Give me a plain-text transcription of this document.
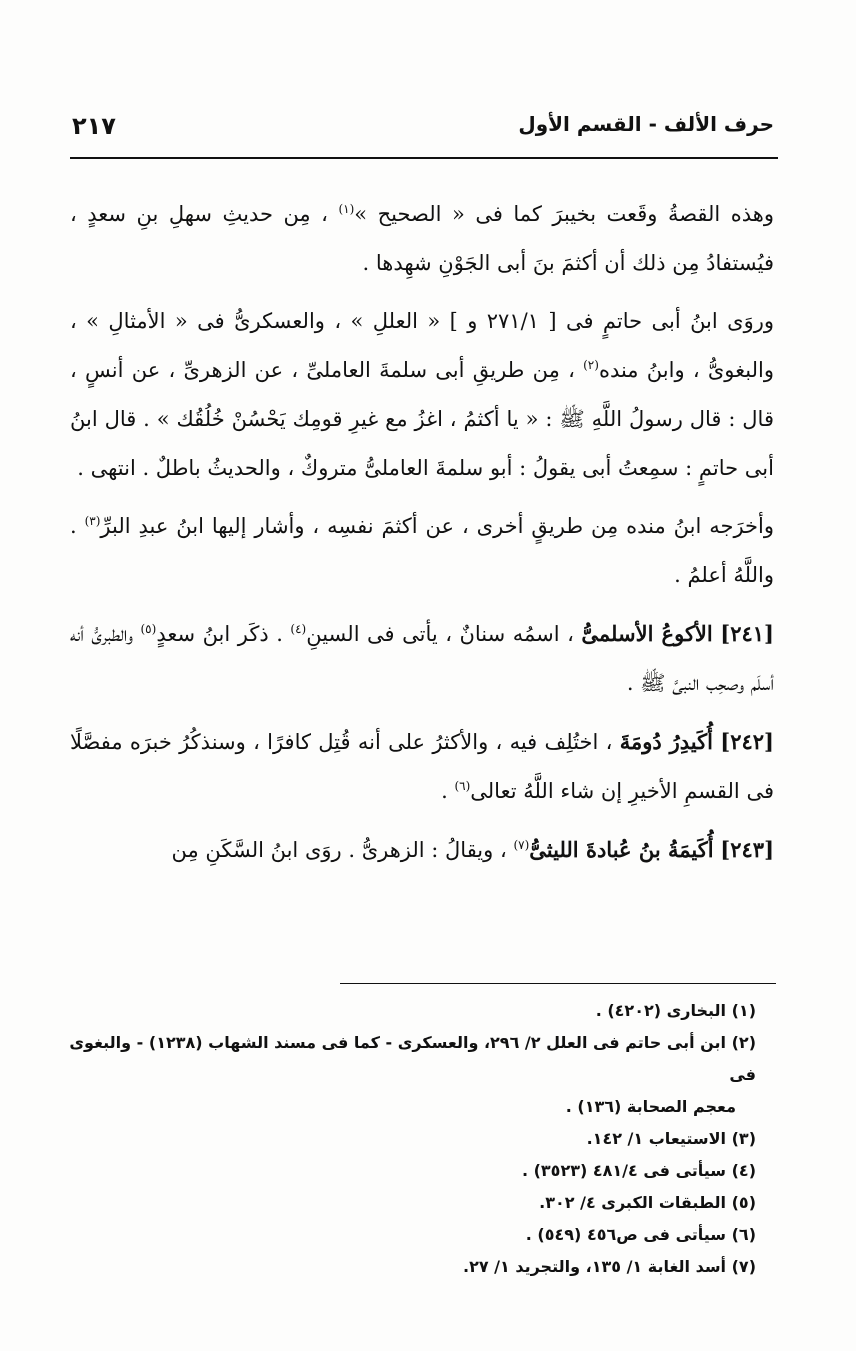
٢١٧	حرف الألف - القسم الأول

وهذه القصةُ وقَعت بخيبرَ كما فى « الصحيح »$^{(١)}$ ، مِن حديثِ سهلِ بنِ سعدٍ ، فيُستفادُ مِن ذلك أن أكثمَ بنَ أبى الجَوْنِ شهِدها .

وروَى ابنُ أبى حاتمٍ فى [ ٢٧١/١ و ] « العللِ » ، والعسكرىُّ فى « الأمثالِ » ، والبغوىُّ ، وابنُ منده$^{(٢)}$ ، مِن طريقِ أبى سلمةَ العاملىِّ ، عن الزهرىِّ ، عن أنسٍ ، قال : قال رسولُ اللَّهِ ﷺ : « يا أكثمُ ، اغزُ مع غيرِ قومِك يَحْسُنْ خُلُقُك » . قال ابنُ أبى حاتمٍ : سمِعتُ أبى يقولُ : أبو سلمةَ العاملىُّ متروكٌ ، والحديثُ باطلٌ . انتهى .

وأخرَجه ابنُ منده مِن طريقٍ أخرى ، عن أكثمَ نفسِه ، وأشار إليها ابنُ عبدِ البرِّ$^{(٣)}$ . واللَّهُ أعلمُ .

[٢٤١] الأكوعُ الأسلمىُّ ، اسمُه سنانٌ ، يأتى فى السينِ$^{(٤)}$ . ذكَر ابنُ سعدٍ$^{(٥)}$ والطبرىُّ أنه أسلَم وصحِب النبىَّ ﷺ .

[٢٤٢] أُكَيدِرُ دُومَةَ ، اختُلِف فيه ، والأكثرُ على أنه قُتِل كافرًا ، وسنذكُرُ خبرَه مفصَّلًا فى القسمِ الأخيرِ إن شاء اللَّهُ تعالى$^{(٦)}$ .

[٢٤٣] أُكَيمَةُ بنُ عُبادةَ الليثىُّ$^{(٧)}$ ، ويقالُ : الزهرىُّ . روَى ابنُ السَّكَنِ مِن

(١) البخارى (٤٢٠٢) .

(٢) ابن أبى حاتم فى العلل ٢/ ٢٩٦، والعسكرى - كما فى مسند الشهاب (١٢٣٨) - والبغوى فى

معجم الصحابة (١٣٦) .

(٣) الاستيعاب ١/ ١٤٢.

(٤) سيأتى فى ٤٨١/٤ (٣٥٢٣) .

(٥) الطبقات الكبرى ٤/ ٣٠٢.

(٦) سيأتى فى ص٤٥٦ (٥٤٩) .

(٧) أسد الغابة ١/ ١٣٥، والتجريد ١/ ٢٧.
